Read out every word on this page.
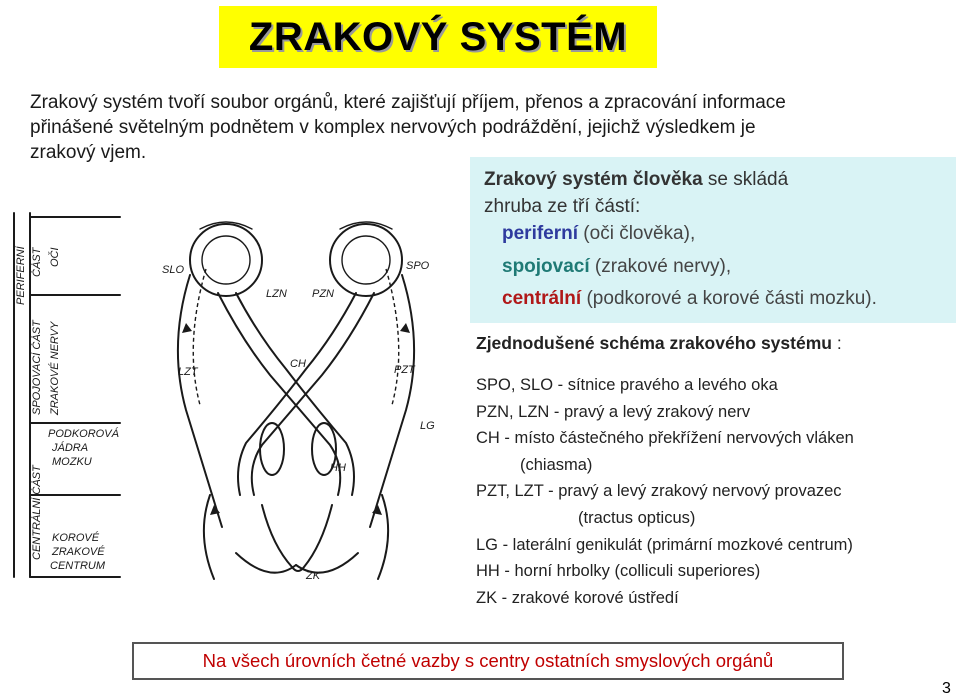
ZRAKOVÝ SYSTÉM
Zrakový systém tvoří soubor orgánů, které zajišťují příjem, přenos a zpracování informace
přinášené světelným podnětem v komplex nervových podráždění, jejichž výsledkem je
zrakový vjem.
Zrakový systém člověka se skládá
zhruba ze tří částí:
periferní (oči člověka),
spojovací (zrakové nervy),
centrální (podkorové a korové části mozku).
PERIFERNÍ ČÁST OČI
SPOJOVACÍ ČÁST ZRAKOVÉ NERVY
CENTRÁLNÍ ČÁST
PODKOROVÁ
JÁDRA
MOZKU
KOROVÉ
ZRAKOVÉ
CENTRUM
SLO	SPO
LZN PZN
CH
LZT	PZT
LG
HH
ZK
Zjednodušené schéma zrakového systému :
SPO, SLO - sítnice pravého a levého oka
PZN, LZN - pravý a levý zrakový nerv
CH - místo částečného překřížení nervových vláken
(chiasma)
PZT, LZT - pravý a levý zrakový nervový provazec
(tractus opticus)
LG - laterální genikulát (primární mozkové centrum)
HH - horní hrbolky (colliculi superiores)
ZK - zrakové korové ústředí
Na všech úrovních četné vazby s centry ostatních smyslových orgánů
3
